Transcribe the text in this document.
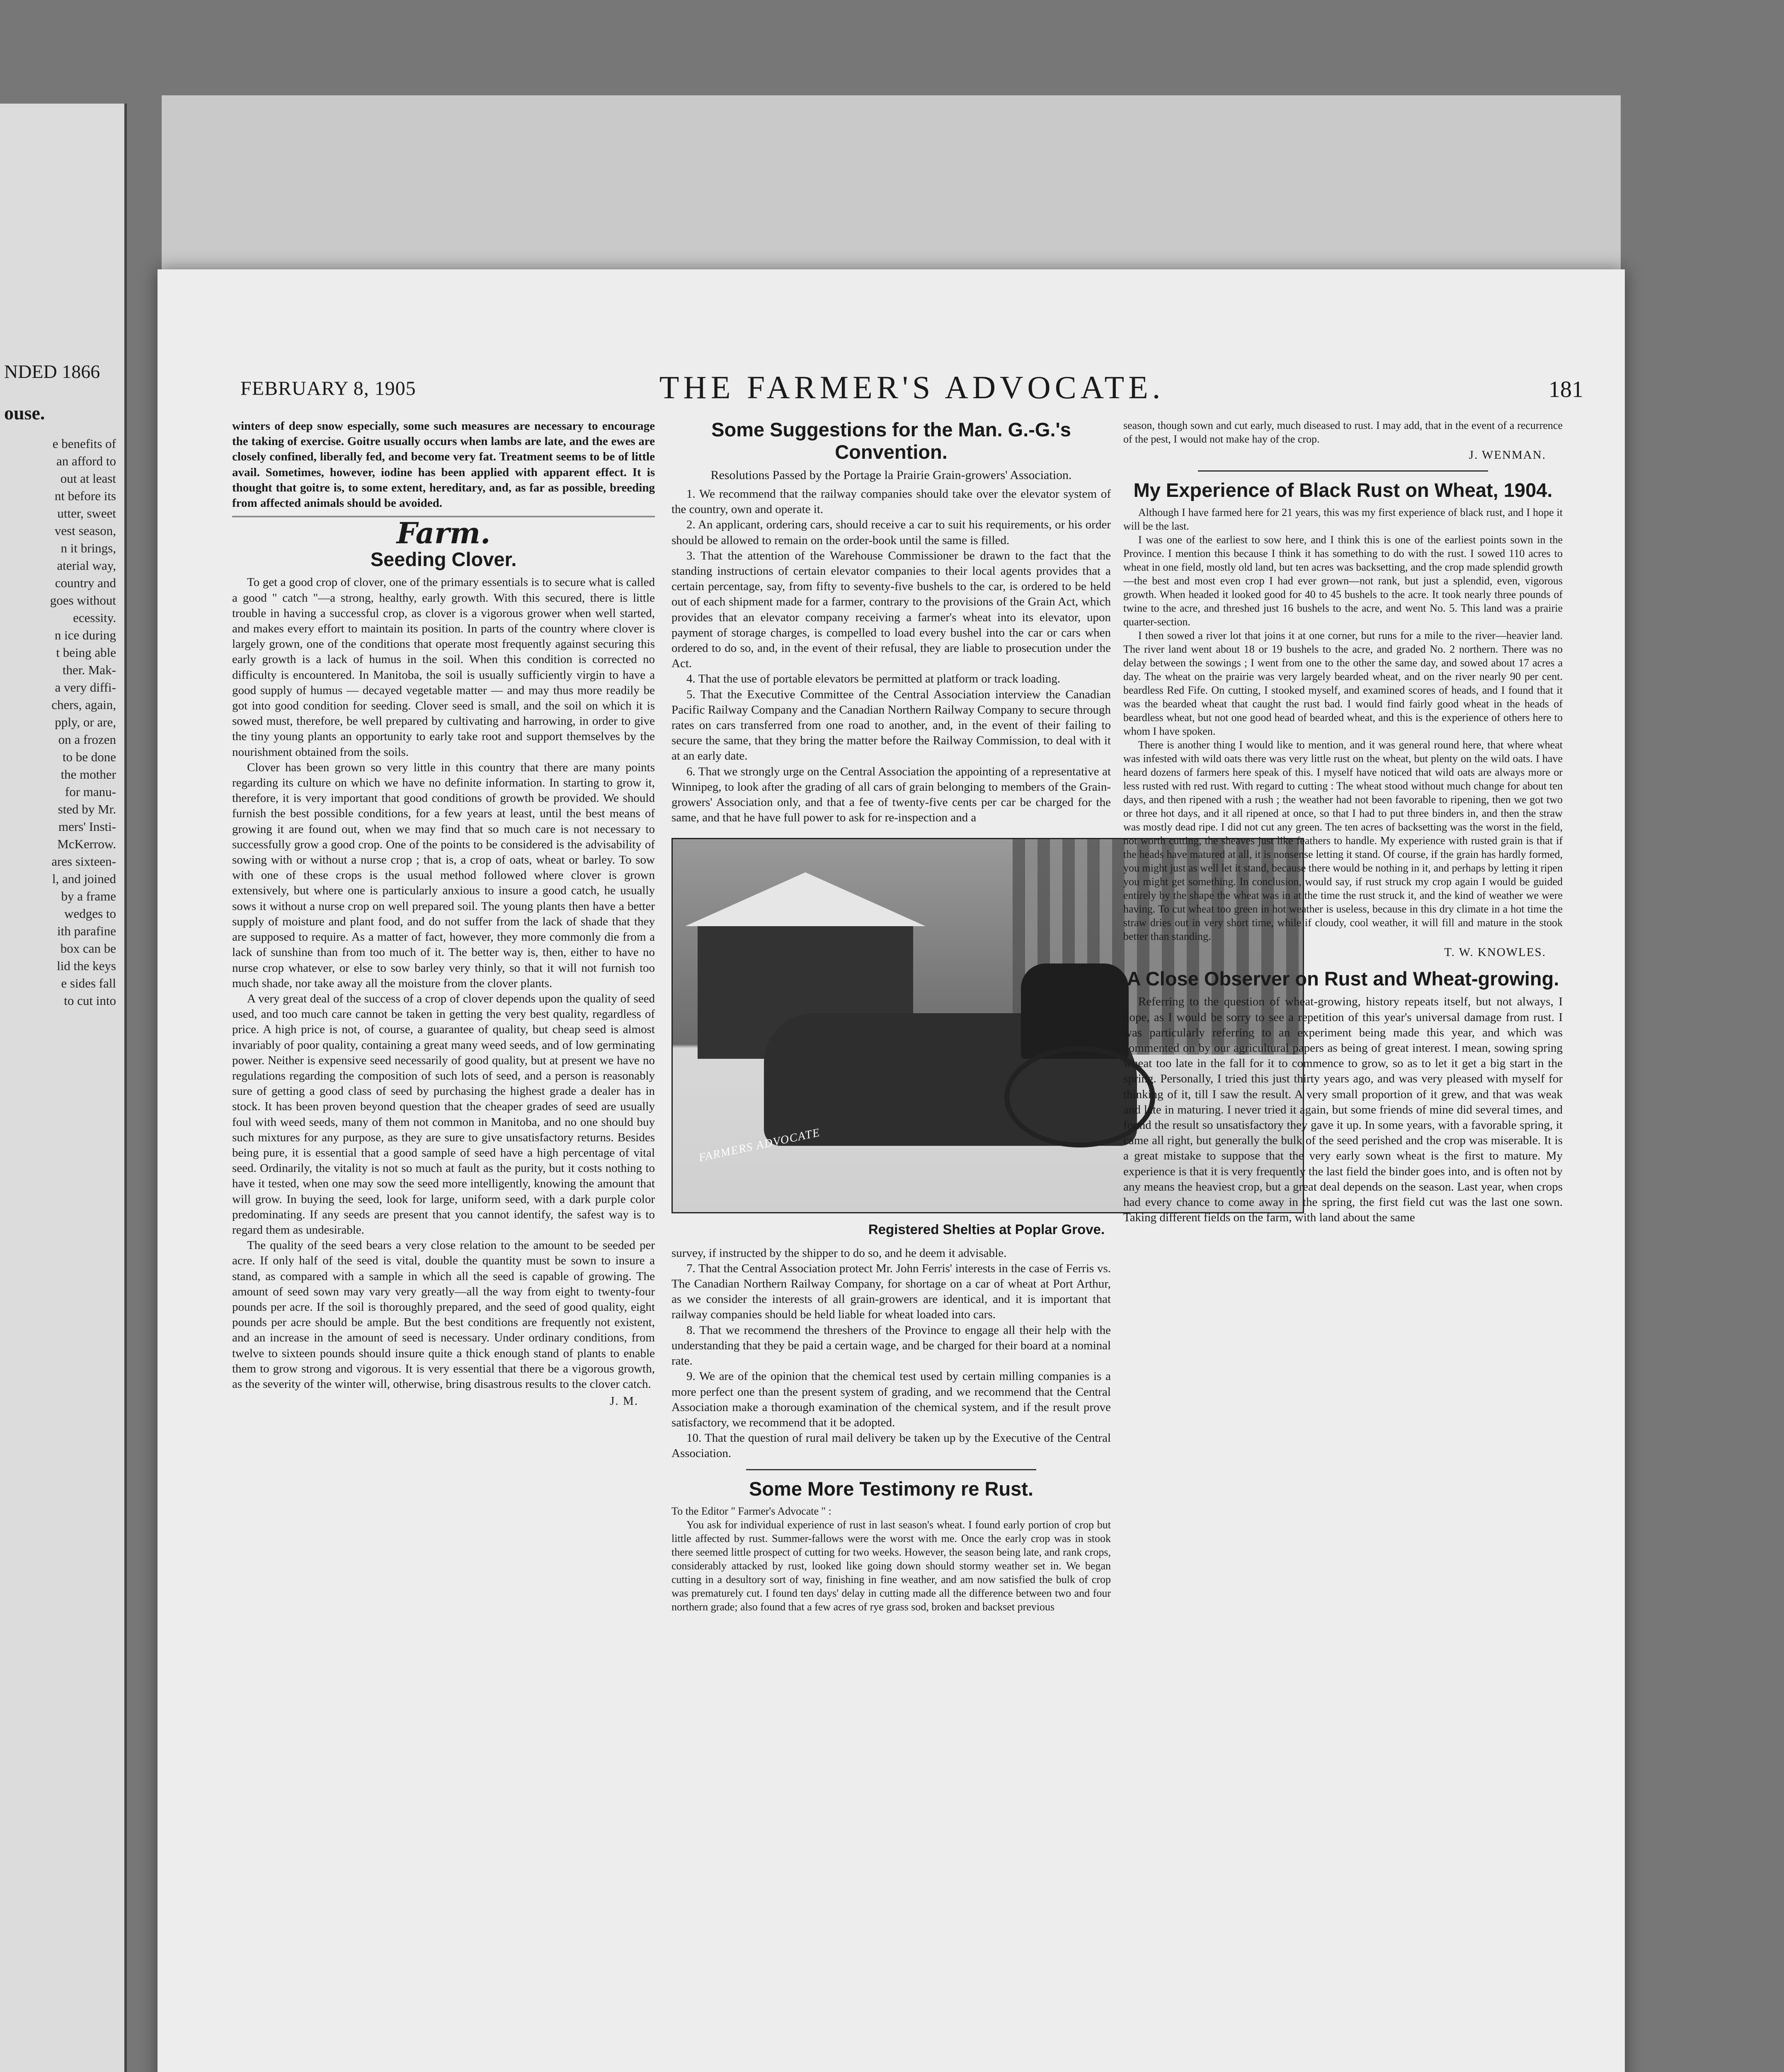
NDED 1866
ouse.

e benefits of

an afford to

out at least

nt before its

utter, sweet

vest season,

n it brings,

aterial way,

country and

goes without

ecessity.

n ice during

t being able

ther. Mak-

a very diffi-

chers, again,

pply, or are,

on a frozen

to be done

the mother

for manu-

sted by Mr.

mers' Insti-

McKerrow.

ares sixteen-

l, and joined

by a frame

wedges to

ith parafine

box can be

lid the keys

e sides fall

to cut into

FEBRUARY 8, 1905	THE FARMER'S ADVOCATE.	181

winters of deep snow especially, some such measures are necessary to encourage the taking of exercise. Goitre usually occurs when lambs are late, and the ewes are closely confined, liberally fed, and become very fat. Treatment seems to be of little avail. Sometimes, however, iodine has been applied with apparent effect. It is thought that goitre is, to some extent, hereditary, and, as far as possible, breeding from affected animals should be avoided.

Farm.
Seeding Clover.

To get a good crop of clover, one of the primary essentials is to secure what is called a good " catch "—a strong, healthy, early growth. With this secured, there is little trouble in having a successful crop, as clover is a vigorous grower when well started, and makes every effort to maintain its position. In parts of the country where clover is largely grown, one of the conditions that operate most frequently against securing this early growth is a lack of humus in the soil. When this condition is corrected no difficulty is encountered. In Manitoba, the soil is usually sufficiently virgin to have a good supply of humus — decayed vegetable matter — and may thus more readily be got into good condition for seeding. Clover seed is small, and the soil on which it is sowed must, therefore, be well prepared by cultivating and harrowing, in order to give the tiny young plants an opportunity to early take root and support themselves by the nourishment obtained from the soils.

Clover has been grown so very little in this country that there are many points regarding its culture on which we have no definite information. In starting to grow it, therefore, it is very important that good conditions of growth be provided. We should furnish the best possible conditions, for a few years at least, until the best means of growing it are found out, when we may find that so much care is not necessary to successfully grow a good crop. One of the points to be considered is the advisability of sowing with or without a nurse crop ; that is, a crop of oats, wheat or barley. To sow with one of these crops is the usual method followed where clover is grown extensively, but where one is particularly anxious to insure a good catch, he usually sows it without a nurse crop on well prepared soil. The young plants then have a better supply of moisture and plant food, and do not suffer from the lack of shade that they are supposed to require. As a matter of fact, however, they more commonly die from a lack of sunshine than from too much of it. The better way is, then, either to have no nurse crop whatever, or else to sow barley very thinly, so that it will not furnish too much shade, nor take away all the moisture from the clover plants.

A very great deal of the success of a crop of clover depends upon the quality of seed used, and too much care cannot be taken in getting the very best quality, regardless of price. A high price is not, of course, a guarantee of quality, but cheap seed is almost invariably of poor quality, containing a great many weed seeds, and of low germinating power. Neither is expensive seed necessarily of good quality, but at present we have no regulations regarding the composition of such lots of seed, and a person is reasonably sure of getting a good class of seed by purchasing the highest grade a dealer has in stock. It has been proven beyond question that the cheaper grades of seed are usually foul with weed seeds, many of them not common in Manitoba, and no one should buy such mixtures for any purpose, as they are sure to give unsatisfactory returns. Besides being pure, it is essential that a good sample of seed have a high percentage of vital seed. Ordinarily, the vitality is not so much at fault as the purity, but it costs nothing to have it tested, when one may sow the seed more intelligently, knowing the amount that will grow. In buying the seed, look for large, uniform seed, with a dark purple color predominating. If any seeds are present that you cannot identify, the safest way is to regard them as undesirable.

The quality of the seed bears a very close relation to the amount to be seeded per acre. If only half of the seed is vital, double the quantity must be sown to insure a stand, as compared with a sample in which all the seed is capable of growing. The amount of seed sown may vary very greatly—all the way from eight to twenty-four pounds per acre. If the soil is thoroughly prepared, and the seed of good quality, eight pounds per acre should be ample. But the best conditions are frequently not existent, and an increase in the amount of seed is necessary. Under ordinary conditions, from twelve to sixteen pounds should insure quite a thick enough stand of plants to enable them to grow strong and vigorous. It is very essential that there be a vigorous growth, as the severity of the winter will, otherwise, bring disastrous results to the clover catch.

J. M.
Some Suggestions for the Man. G.-G.'s Convention.
Resolutions Passed by the Portage la Prairie Grain-growers' Association.

1. We recommend that the railway companies should take over the elevator system of the country, own and operate it.

2. An applicant, ordering cars, should receive a car to suit his requirements, or his order should be allowed to remain on the order-book until the same is filled.

3. That the attention of the Warehouse Commissioner be drawn to the fact that the standing instructions of certain elevator companies to their local agents provides that a certain percentage, say, from fifty to seventy-five bushels to the car, is ordered to be held out of each shipment made for a farmer, contrary to the provisions of the Grain Act, which provides that an elevator company receiving a farmer's wheat into its elevator, upon payment of storage charges, is compelled to load every bushel into the car or cars when ordered to do so, and, in the event of their refusal, they are liable to prosecution under the Act.

4. That the use of portable elevators be permitted at platform or track loading.

5. That the Executive Committee of the Central Association interview the Canadian Pacific Railway Company and the Canadian Northern Railway Company to secure through rates on cars transferred from one road to another, and, in the event of their failing to secure the same, that they bring the matter before the Railway Commission, to deal with it at an early date.

6. That we strongly urge on the Central Association the appointing of a representative at Winnipeg, to look after the grading of all cars of grain belonging to members of the Grain-growers' Association only, and that a fee of twenty-five cents per car be charged for the same, and that he have full power to ask for re-inspection and a

FARMERS ADVOCATE
Registered Shelties at Poplar Grove.

survey, if instructed by the shipper to do so, and he deem it advisable.

7. That the Central Association protect Mr. John Ferris' interests in the case of Ferris vs. The Canadian Northern Railway Company, for shortage on a car of wheat at Port Arthur, as we consider the interests of all grain-growers are identical, and it is important that railway companies should be held liable for wheat loaded into cars.

8. That we recommend the threshers of the Province to engage all their help with the understanding that they be paid a certain wage, and be charged for their board at a nominal rate.

9. We are of the opinion that the chemical test used by certain milling companies is a more perfect one than the present system of grading, and we recommend that the Central Association make a thorough examination of the chemical system, and if the result prove satisfactory, we recommend that it be adopted.

10. That the question of rural mail delivery be taken up by the Executive of the Central Association.

Some More Testimony re Rust.

To the Editor " Farmer's Advocate " :

You ask for individual experience of rust in last season's wheat. I found early portion of crop but little affected by rust. Summer-fallows were the worst with me. Once the early crop was in stook there seemed little prospect of cutting for two weeks. However, the season being late, and rank crops, considerably attacked by rust, looked like going down should stormy weather set in. We began cutting in a desultory sort of way, finishing in fine weather, and am now satisfied the bulk of crop was prematurely cut. I found ten days' delay in cutting made all the difference between two and four northern grade; also found that a few acres of rye grass sod, broken and backset previous

season, though sown and cut early, much diseased to rust. I may add, that in the event of a recurrence of the pest, I would not make hay of the crop.

J. WENMAN.
My Experience of Black Rust on Wheat, 1904.

Although I have farmed here for 21 years, this was my first experience of black rust, and I hope it will be the last.

I was one of the earliest to sow here, and I think this is one of the earliest points sown in the Province. I mention this because I think it has something to do with the rust. I sowed 110 acres to wheat in one field, mostly old land, but ten acres was backsetting, and the crop made splendid growth—the best and most even crop I had ever grown—not rank, but just a splendid, even, vigorous growth. When headed it looked good for 40 to 45 bushels to the acre. It took nearly three pounds of twine to the acre, and threshed just 16 bushels to the acre, and went No. 5. This land was a prairie quarter-section.

I then sowed a river lot that joins it at one corner, but runs for a mile to the river—heavier land. The river land went about 18 or 19 bushels to the acre, and graded No. 2 northern. There was no delay between the sowings ; I went from one to the other the same day, and sowed about 17 acres a day. The wheat on the prairie was very largely bearded wheat, and on the river nearly 90 per cent. beardless Red Fife. On cutting, I stooked myself, and examined scores of heads, and I found that it was the bearded wheat that caught the rust bad. I would find fairly good wheat in the heads of beardless wheat, but not one good head of bearded wheat, and this is the experience of others here to whom I have spoken.

There is another thing I would like to mention, and it was general round here, that where wheat was infested with wild oats there was very little rust on the wheat, but plenty on the wild oats. I have heard dozens of farmers here speak of this. I myself have noticed that wild oats are always more or less rusted with red rust. With regard to cutting : The wheat stood without much change for about ten days, and then ripened with a rush ; the weather had not been favorable to ripening, then we got two or three hot days, and it all ripened at once, so that I had to put three binders in, and then the straw was mostly dead ripe. I did not cut any green. The ten acres of backsetting was the worst in the field, not worth cutting, the sheaves just like feathers to handle. My experience with rusted grain is that if the heads have matured at all, it is nonsense letting it stand. Of course, if the grain has hardly formed, you might just as well let it stand, because there would be nothing in it, and perhaps by letting it ripen you might get something. In conclusion, would say, if rust struck my crop again I would be guided entirely by the shape the wheat was in at the time the rust struck it, and the kind of weather we were having. To cut wheat too green in hot weather is useless, because in this dry climate in a hot time the straw dries out in very short time, while if cloudy, cool weather, it will fill and mature in the stook better than standing.

T. W. KNOWLES.
A Close Observer on Rust and Wheat-growing.

Referring to the question of wheat-growing, history repeats itself, but not always, I hope, as I would be sorry to see a repetition of this year's universal damage from rust. I was particularly referring to an experiment being made this year, and which was commented on by our agricultural papers as being of great interest. I mean, sowing spring wheat too late in the fall for it to commence to grow, so as to let it get a big start in the spring. Personally, I tried this just thirty years ago, and was very pleased with myself for thinking of it, till I saw the result. A very small proportion of it grew, and that was weak and late in maturing. I never tried it again, but some friends of mine did several times, and found the result so unsatisfactory they gave it up. In some years, with a favorable spring, it came all right, but generally the bulk of the seed perished and the crop was miserable. It is a great mistake to suppose that the very early sown wheat is the first to mature. My experience is that it is very frequently the last field the binder goes into, and is often not by any means the heaviest crop, but a great deal depends on the season. Last year, when crops had every chance to come away in the spring, the first field cut was the last one sown. Taking different fields on the farm, with land about the same
